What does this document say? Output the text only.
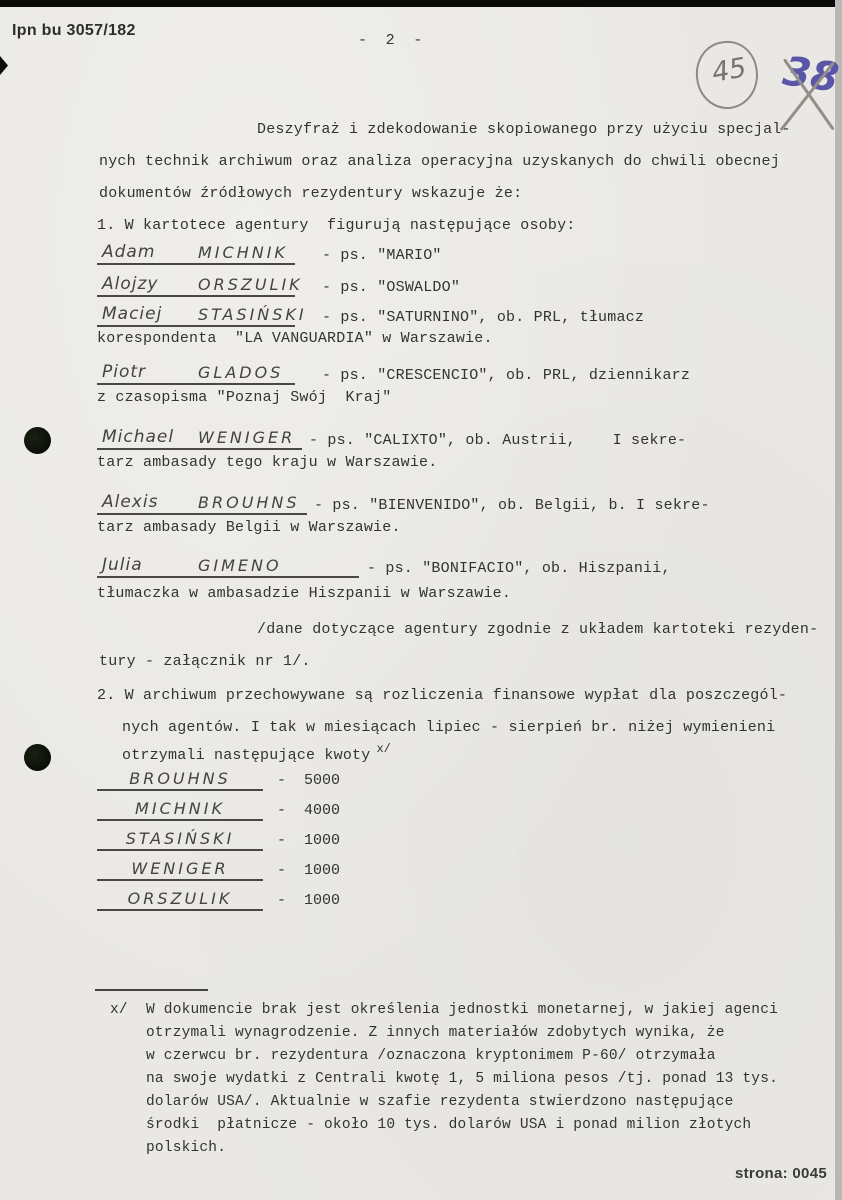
Ipn bu 3057/182
-  2  -
45 38
Deszyfraż i zdekodowanie skopiowanego przy użyciu specjal-
nych technik archiwum oraz analiza operacyjna uzyskanych do chwili obecnej
dokumentów źródłowych rezydentury wskazuje że:
1. W kartotece agentury  figurują następujące osoby:
Adam	MICHNIK - ps. "MARIO"
Alojzy	ORSZULIK - ps. "OSWALDO"
Maciej	STASIŃSKI - ps. "SATURNINO", ob. PRL, tłumacz
korespondenta  "LA VANGUARDIA" w Warszawie.
Piotr	GLADOS	- ps. "CRESCENCIO", ob. PRL, dziennikarz
z czasopisma "Poznaj Swój  Kraj"
Michael	WENIGER - ps. "CALIXTO", ob. Austrii,    I sekre-
tarz ambasady tego kraju w Warszawie.
Alexis	BROUHNS - ps. "BIENVENIDO", ob. Belgii, b. I sekre-
tarz ambasady Belgii w Warszawie.
Julia	GIMENO	- ps. "BONIFACIO", ob. Hiszpanii,
tłumaczka w ambasadzie Hiszpanii w Warszawie.
/dane dotyczące agentury zgodnie z układem kartoteki rezyden-
tury - załącznik nr 1/.
2. W archiwum przechowywane są rozliczenia finansowe wypłat dla poszczegól-
nych agentów. I tak w miesiącach lipiec - sierpień br. niżej wymienieni
otrzymali następujące kwoty $^{x/}$
BROUHNS	-  5000
MICHNIK	-  4000
STASIŃSKI	-  1000
WENIGER	-  1000
ORSZULIK	-  1000
x/ W dokumencie brak jest określenia jednostki monetarnej, w jakiej agenci
otrzymali wynagrodzenie. Z innych materiałów zdobytych wynika, że
w czerwcu br. rezydentura /oznaczona kryptonimem P-60/ otrzymała
na swoje wydatki z Centrali kwotę 1, 5 miliona pesos /tj. ponad 13 tys.
dolarów USA/. Aktualnie w szafie rezydenta stwierdzono następujące
środki  płatnicze - około 10 tys. dolarów USA i ponad milion złotych
polskich.
strona: 0045
